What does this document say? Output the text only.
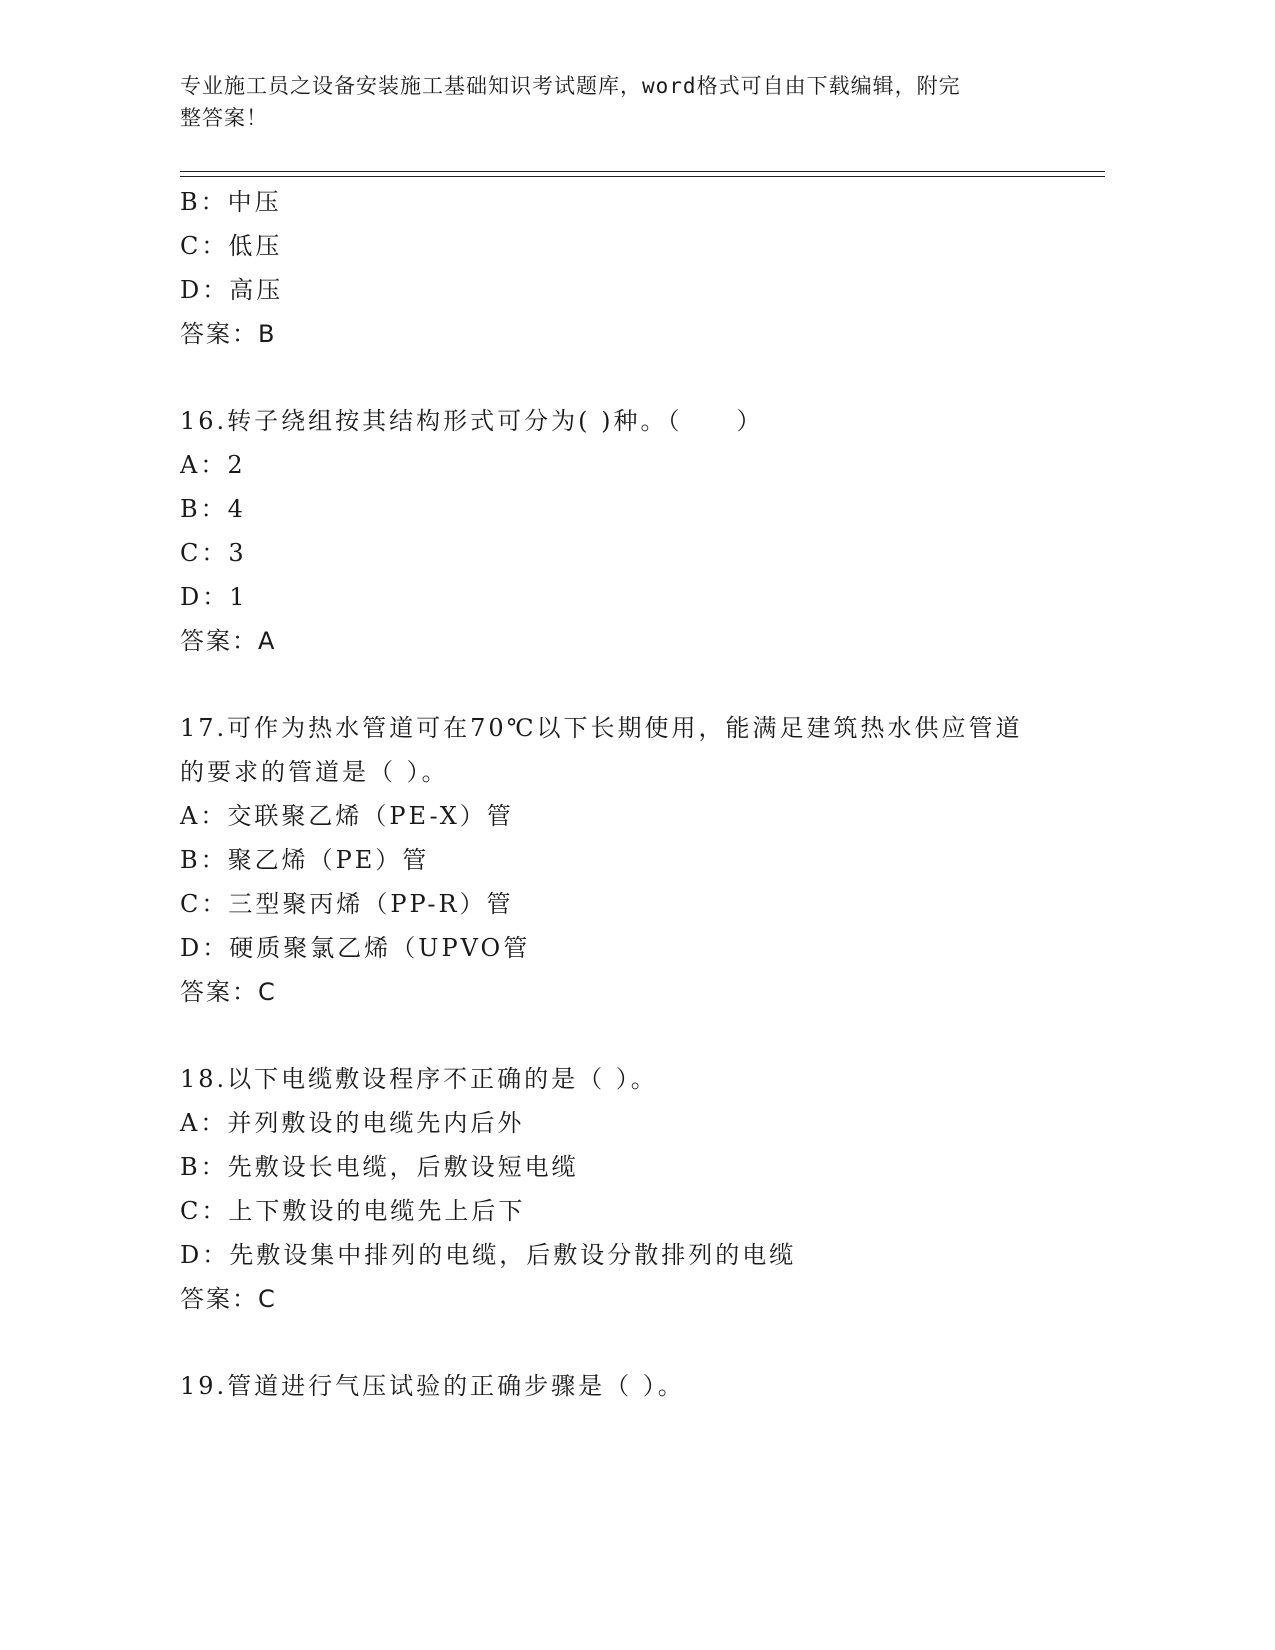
专业施工员之设备安装施工基础知识考试题库，word格式可自由下载编辑，附完
整答案！
B：中压
C：低压
D：高压
答案：B
16.转子绕组按其结构形式可分为( )种。（　　）
A：2
B：4
C：3
D：1
答案：A
17.可作为热水管道可在70℃以下长期使用，能满足建筑热水供应管道
的要求的管道是（ ）。
A：交联聚乙烯（PE-X）管
B：聚乙烯（PE）管
C：三型聚丙烯（PP-R）管
D：硬质聚氯乙烯（UPVO管
答案：C
18.以下电缆敷设程序不正确的是（ ）。
A：并列敷设的电缆先内后外
B：先敷设长电缆，后敷设短电缆
C：上下敷设的电缆先上后下
D：先敷设集中排列的电缆，后敷设分散排列的电缆
答案：C
19.管道进行气压试验的正确步骤是（ ）。
